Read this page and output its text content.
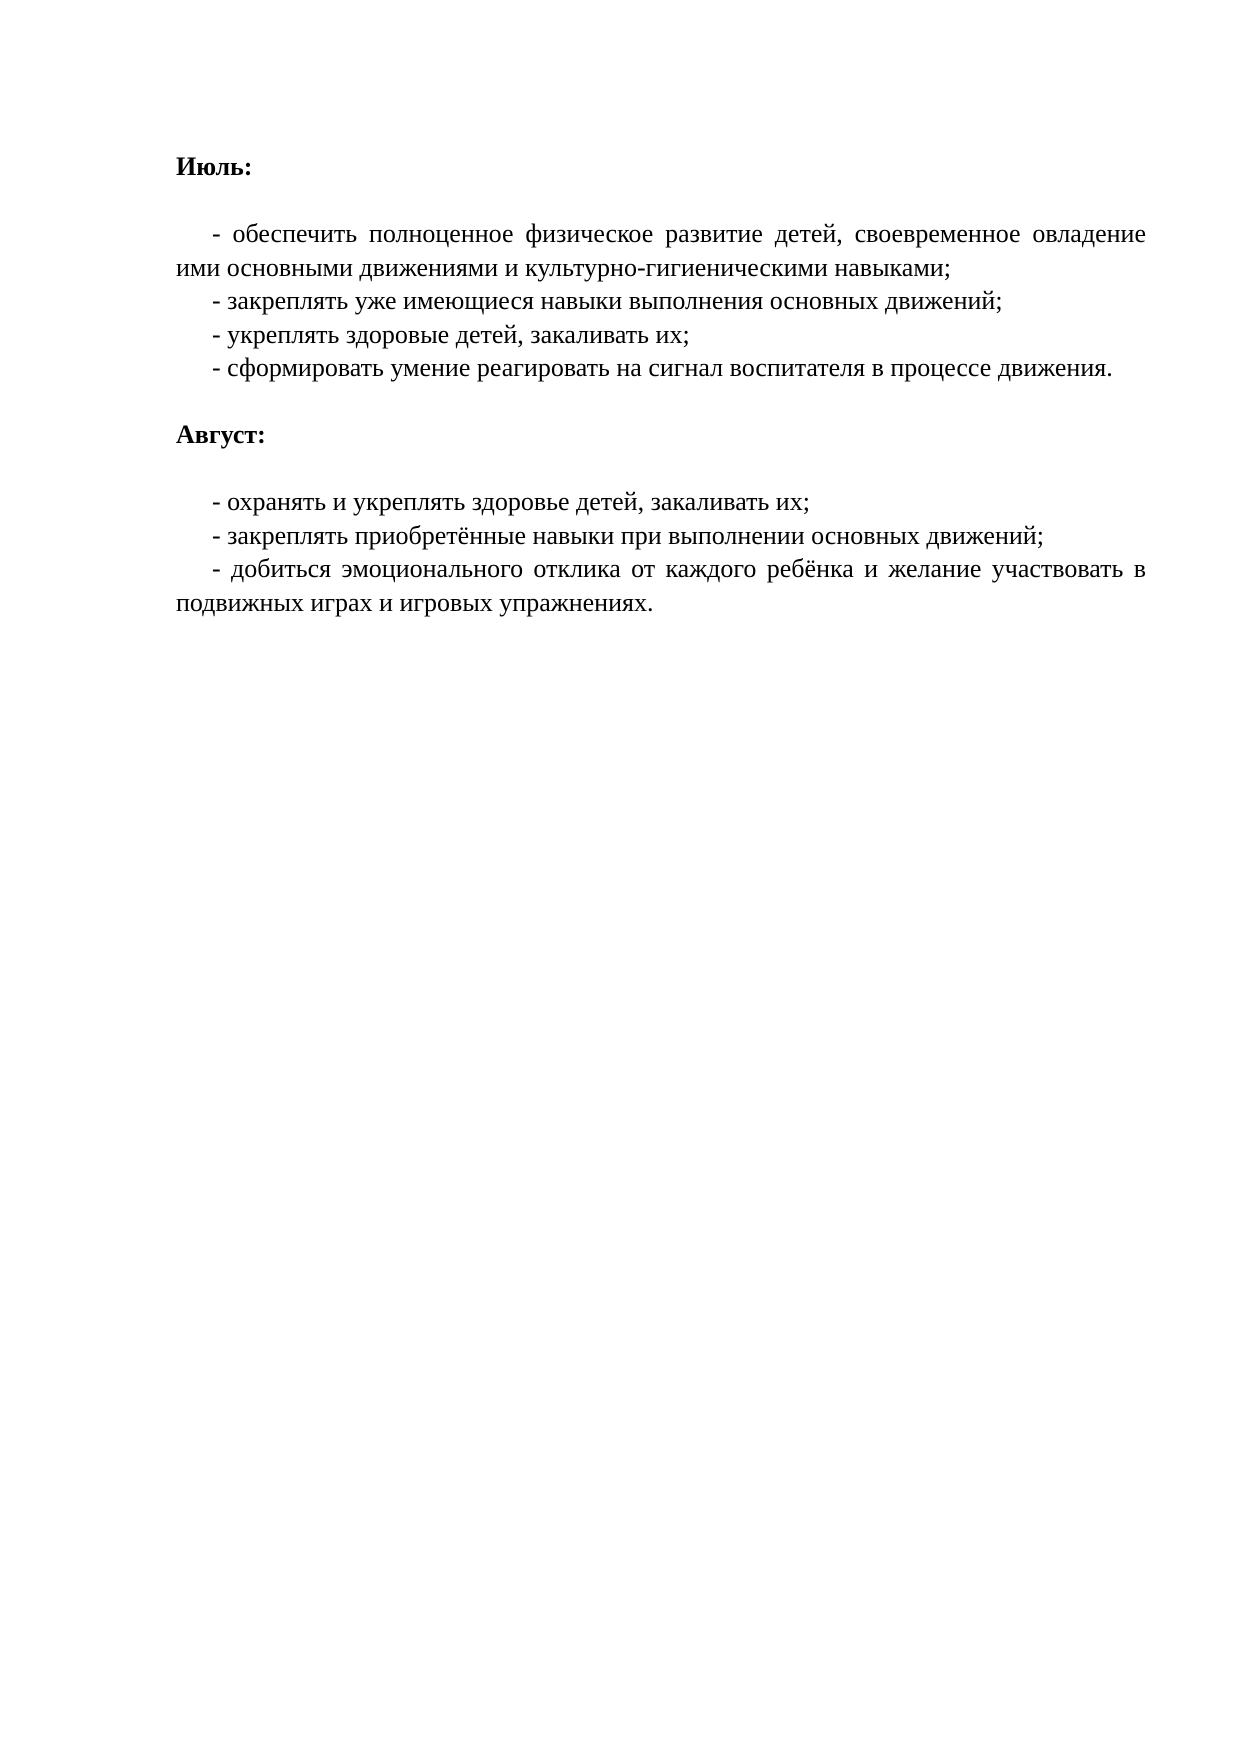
Июль:

- обеспечить полноценное физическое развитие детей, своевременное овладение ими основными движениями и культурно-гигиеническими навыками;

- закреплять уже имеющиеся навыки выполнения основных движений;

- укреплять здоровые детей, закаливать их;

- сформировать умение реагировать на сигнал воспитателя в процессе движения.

Август:

- охранять и укреплять здоровье детей, закаливать их;

- закреплять приобретённые навыки при выполнении основных движений;

- добиться эмоционального отклика от каждого ребёнка и желание участвовать в подвижных играх и игровых упражнениях.
